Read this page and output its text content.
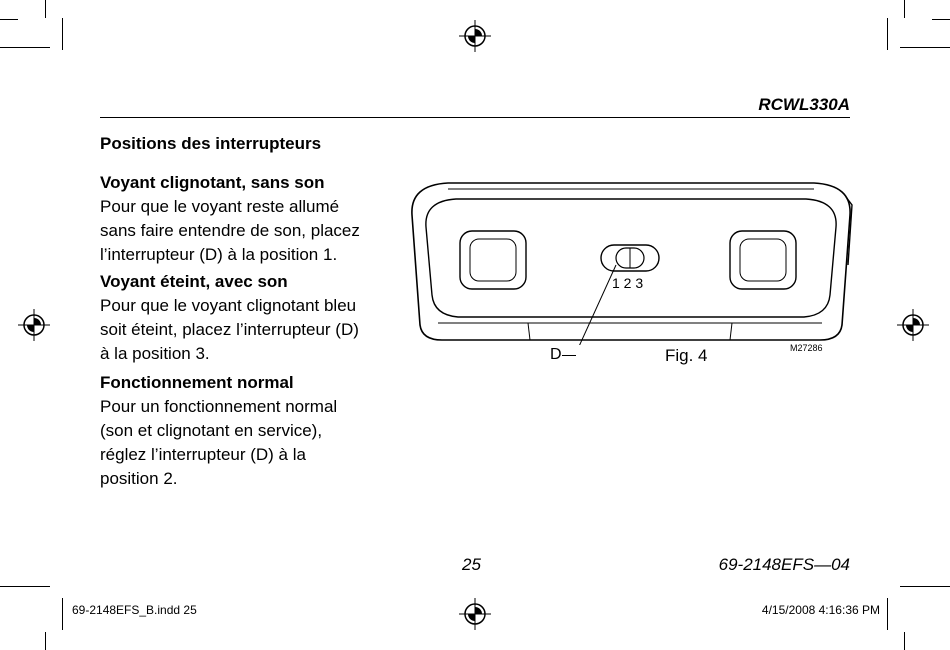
RCWL330A
Positions des interrupteurs
Voyant clignotant, sans son
Pour que le voyant reste allumé
sans faire entendre de son, placez
l’interrupteur (D) à la position 1.
Voyant éteint, avec son
Pour que le voyant clignotant bleu
soit éteint, placez l’interrupteur (D)
à la position 3.
Fonctionnement normal
Pour un fonctionnement normal
(son et clignotant en service),
réglez l’interrupteur (D) à la
position 2.
1 2 3
D	Fig. 4	M27286
25	69-2148EFS—04
69-2148EFS_B.indd 25	4/15/2008 4:16:36 PM
